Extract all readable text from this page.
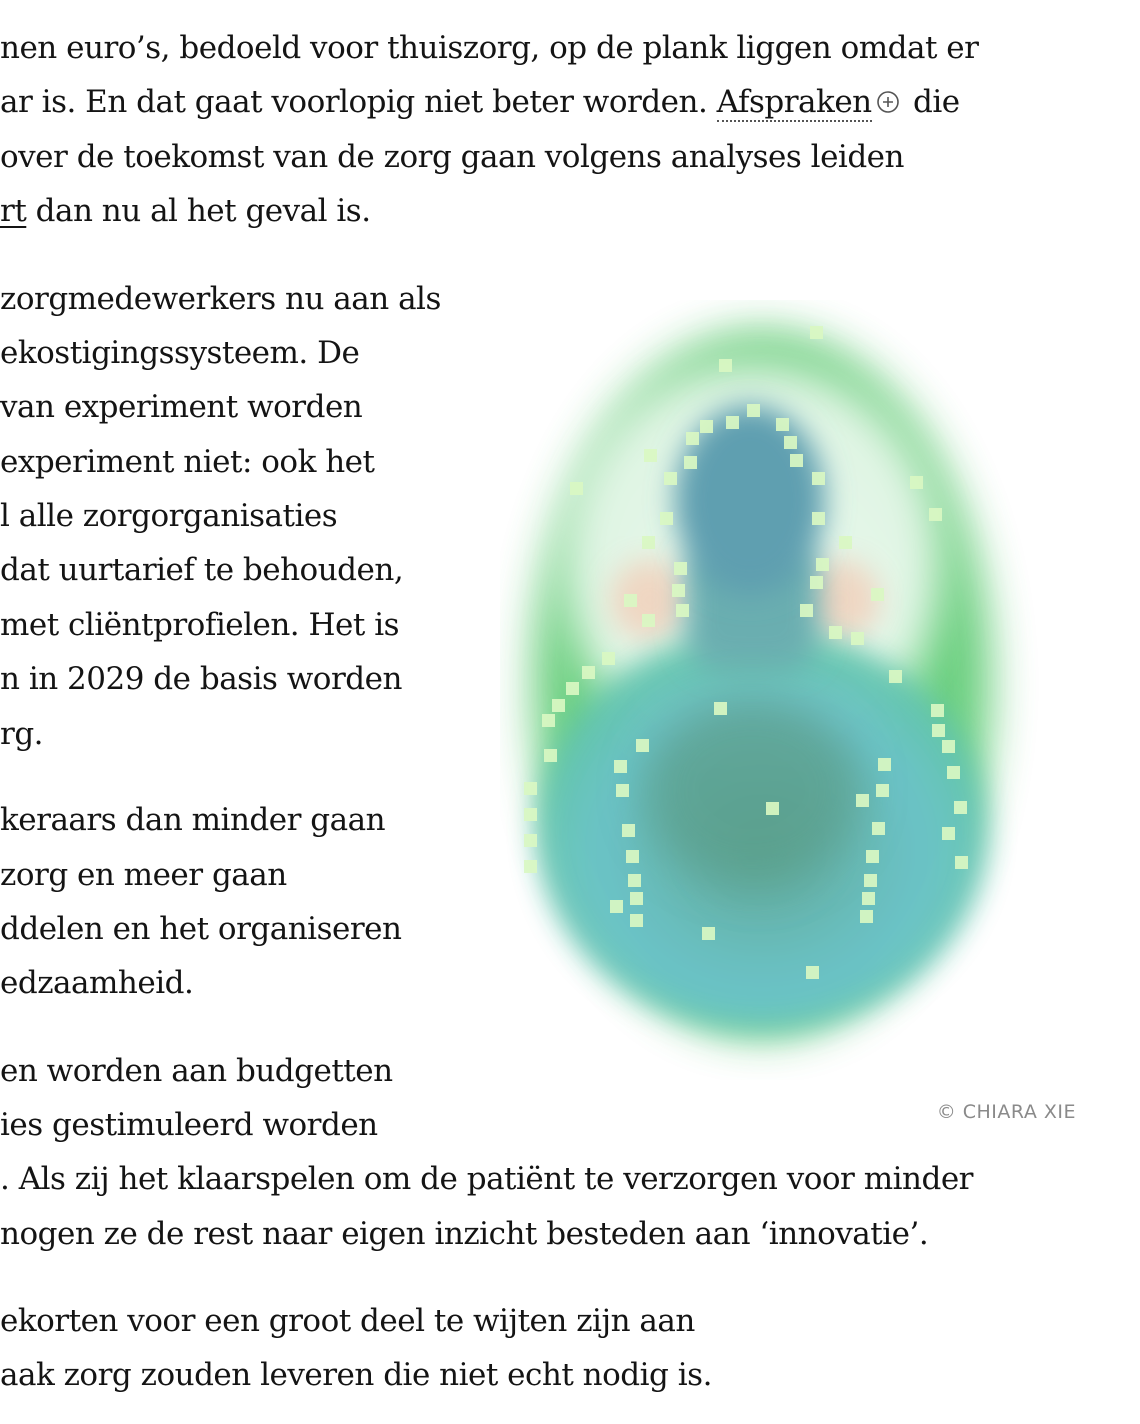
nen euro’s, bedoeld voor thuiszorg, op de plank liggen omdat er
ar is. En dat gaat voorlopig niet beter worden. Afspraken die
over de toekomst van de zorg gaan volgens analyses leiden
rt dan nu al het geval is.
zorgmedewerkers nu aan als
ekostigingssysteem. De
van experiment worden
experiment niet: ook het
l alle zorgorganisaties
dat uurtarief te behouden,
met cliëntprofielen. Het is
n in 2029 de basis worden
rg.
keraars dan minder gaan
zorg en meer gaan
ddelen en het organiseren
edzaamheid.
en worden aan budgetten
ies gestimuleerd worden
. Als zij het klaarspelen om de patiënt te verzorgen voor minder
nogen ze de rest naar eigen inzicht besteden aan ‘innovatie’.
ekorten voor een groot deel te wijten zijn aan
aak zorg zouden leveren die niet echt nodig is.
© CHIARA XIE
